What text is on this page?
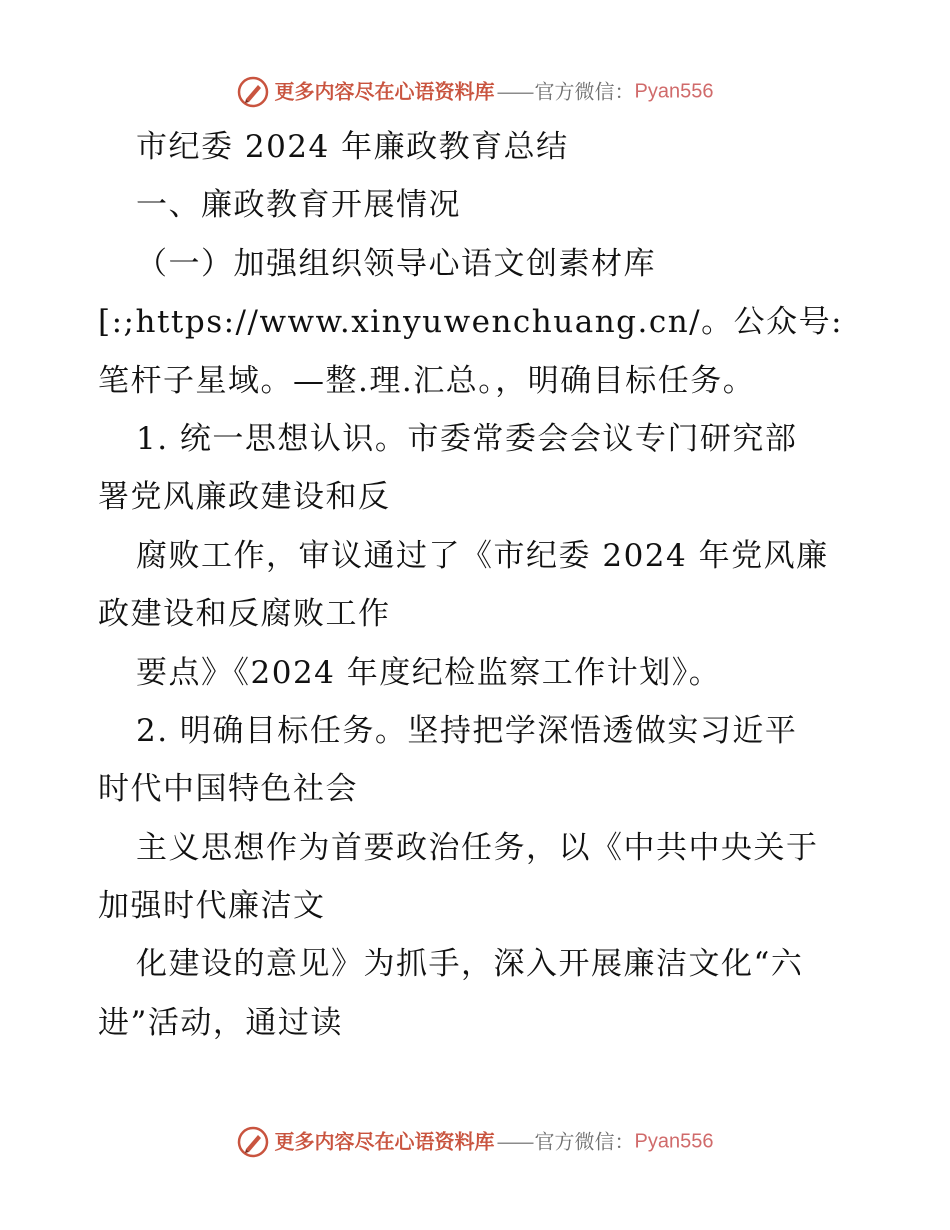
更多内容尽在心语资料库 —— 官方微信：Pyan556
市纪委 2024 年廉政教育总结
一、廉政教育开展情况
（一）加强组织领导心语文创素材库
[:;https://www.xinyuwenchuang.cn/。公众号:
笔杆子星域。—整.理.汇总。，明确目标任务。
1. 统一思想认识。市委常委会会议专门研究部
署党风廉政建设和反
腐败工作，审议通过了《市纪委 2024 年党风廉
政建设和反腐败工作
要点》《2024 年度纪检监察工作计划》。
2. 明确目标任务。坚持把学深悟透做实习近平
时代中国特色社会
主义思想作为首要政治任务，以《中共中央关于
加强时代廉洁文
化建设的意见》为抓手，深入开展廉洁文化“六
进”活动，通过读
更多内容尽在心语资料库 —— 官方微信：Pyan556
